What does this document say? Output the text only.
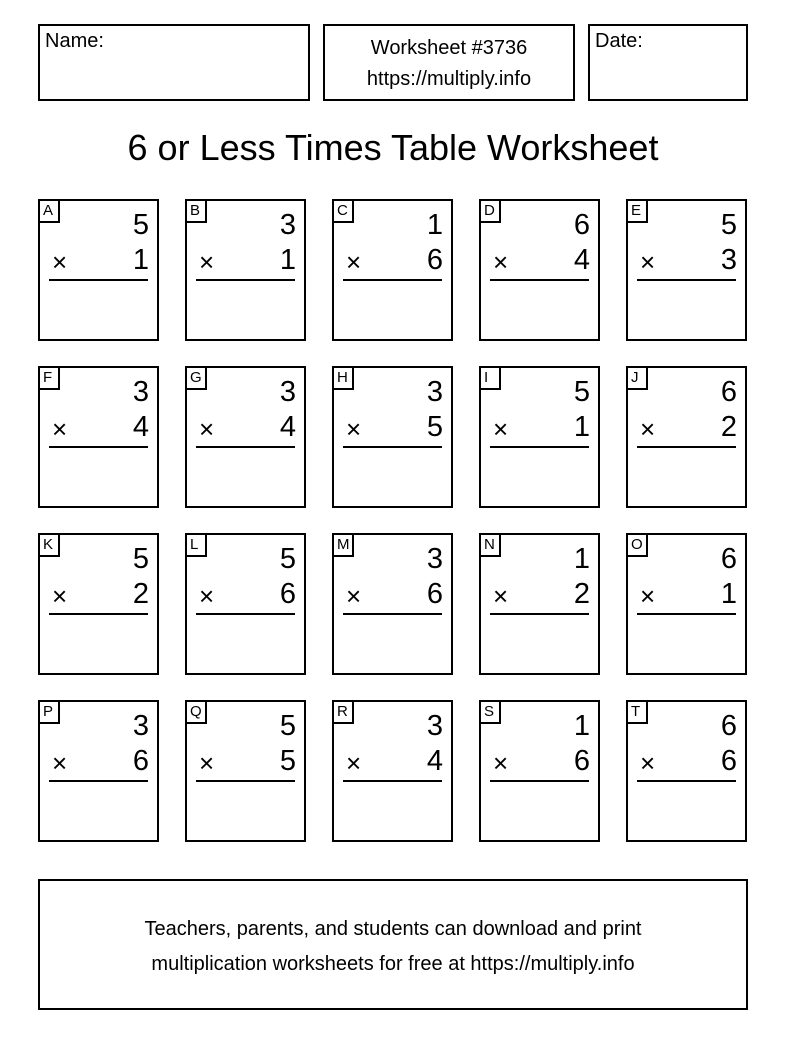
Name:	Worksheet #3736
https://multiply.info
Date:
6 or Less Times Table Worksheet
A	5
× 1
B	3
× 1
C	1
× 6
D	6
× 4
E	5
× 3
F	3
× 4
G	3
× 4
H	3
× 5
I	5
× 1
J	6
× 2
K	5
× 2
L	5
× 6
M	3
× 6
N	1
× 2
O	6
× 1
P	3
× 6
Q	5
× 5
R	3
× 4
S	1
× 6
T	6
× 6
Teachers, parents, and students can download and print
multiplication worksheets for free at https://multiply.info
